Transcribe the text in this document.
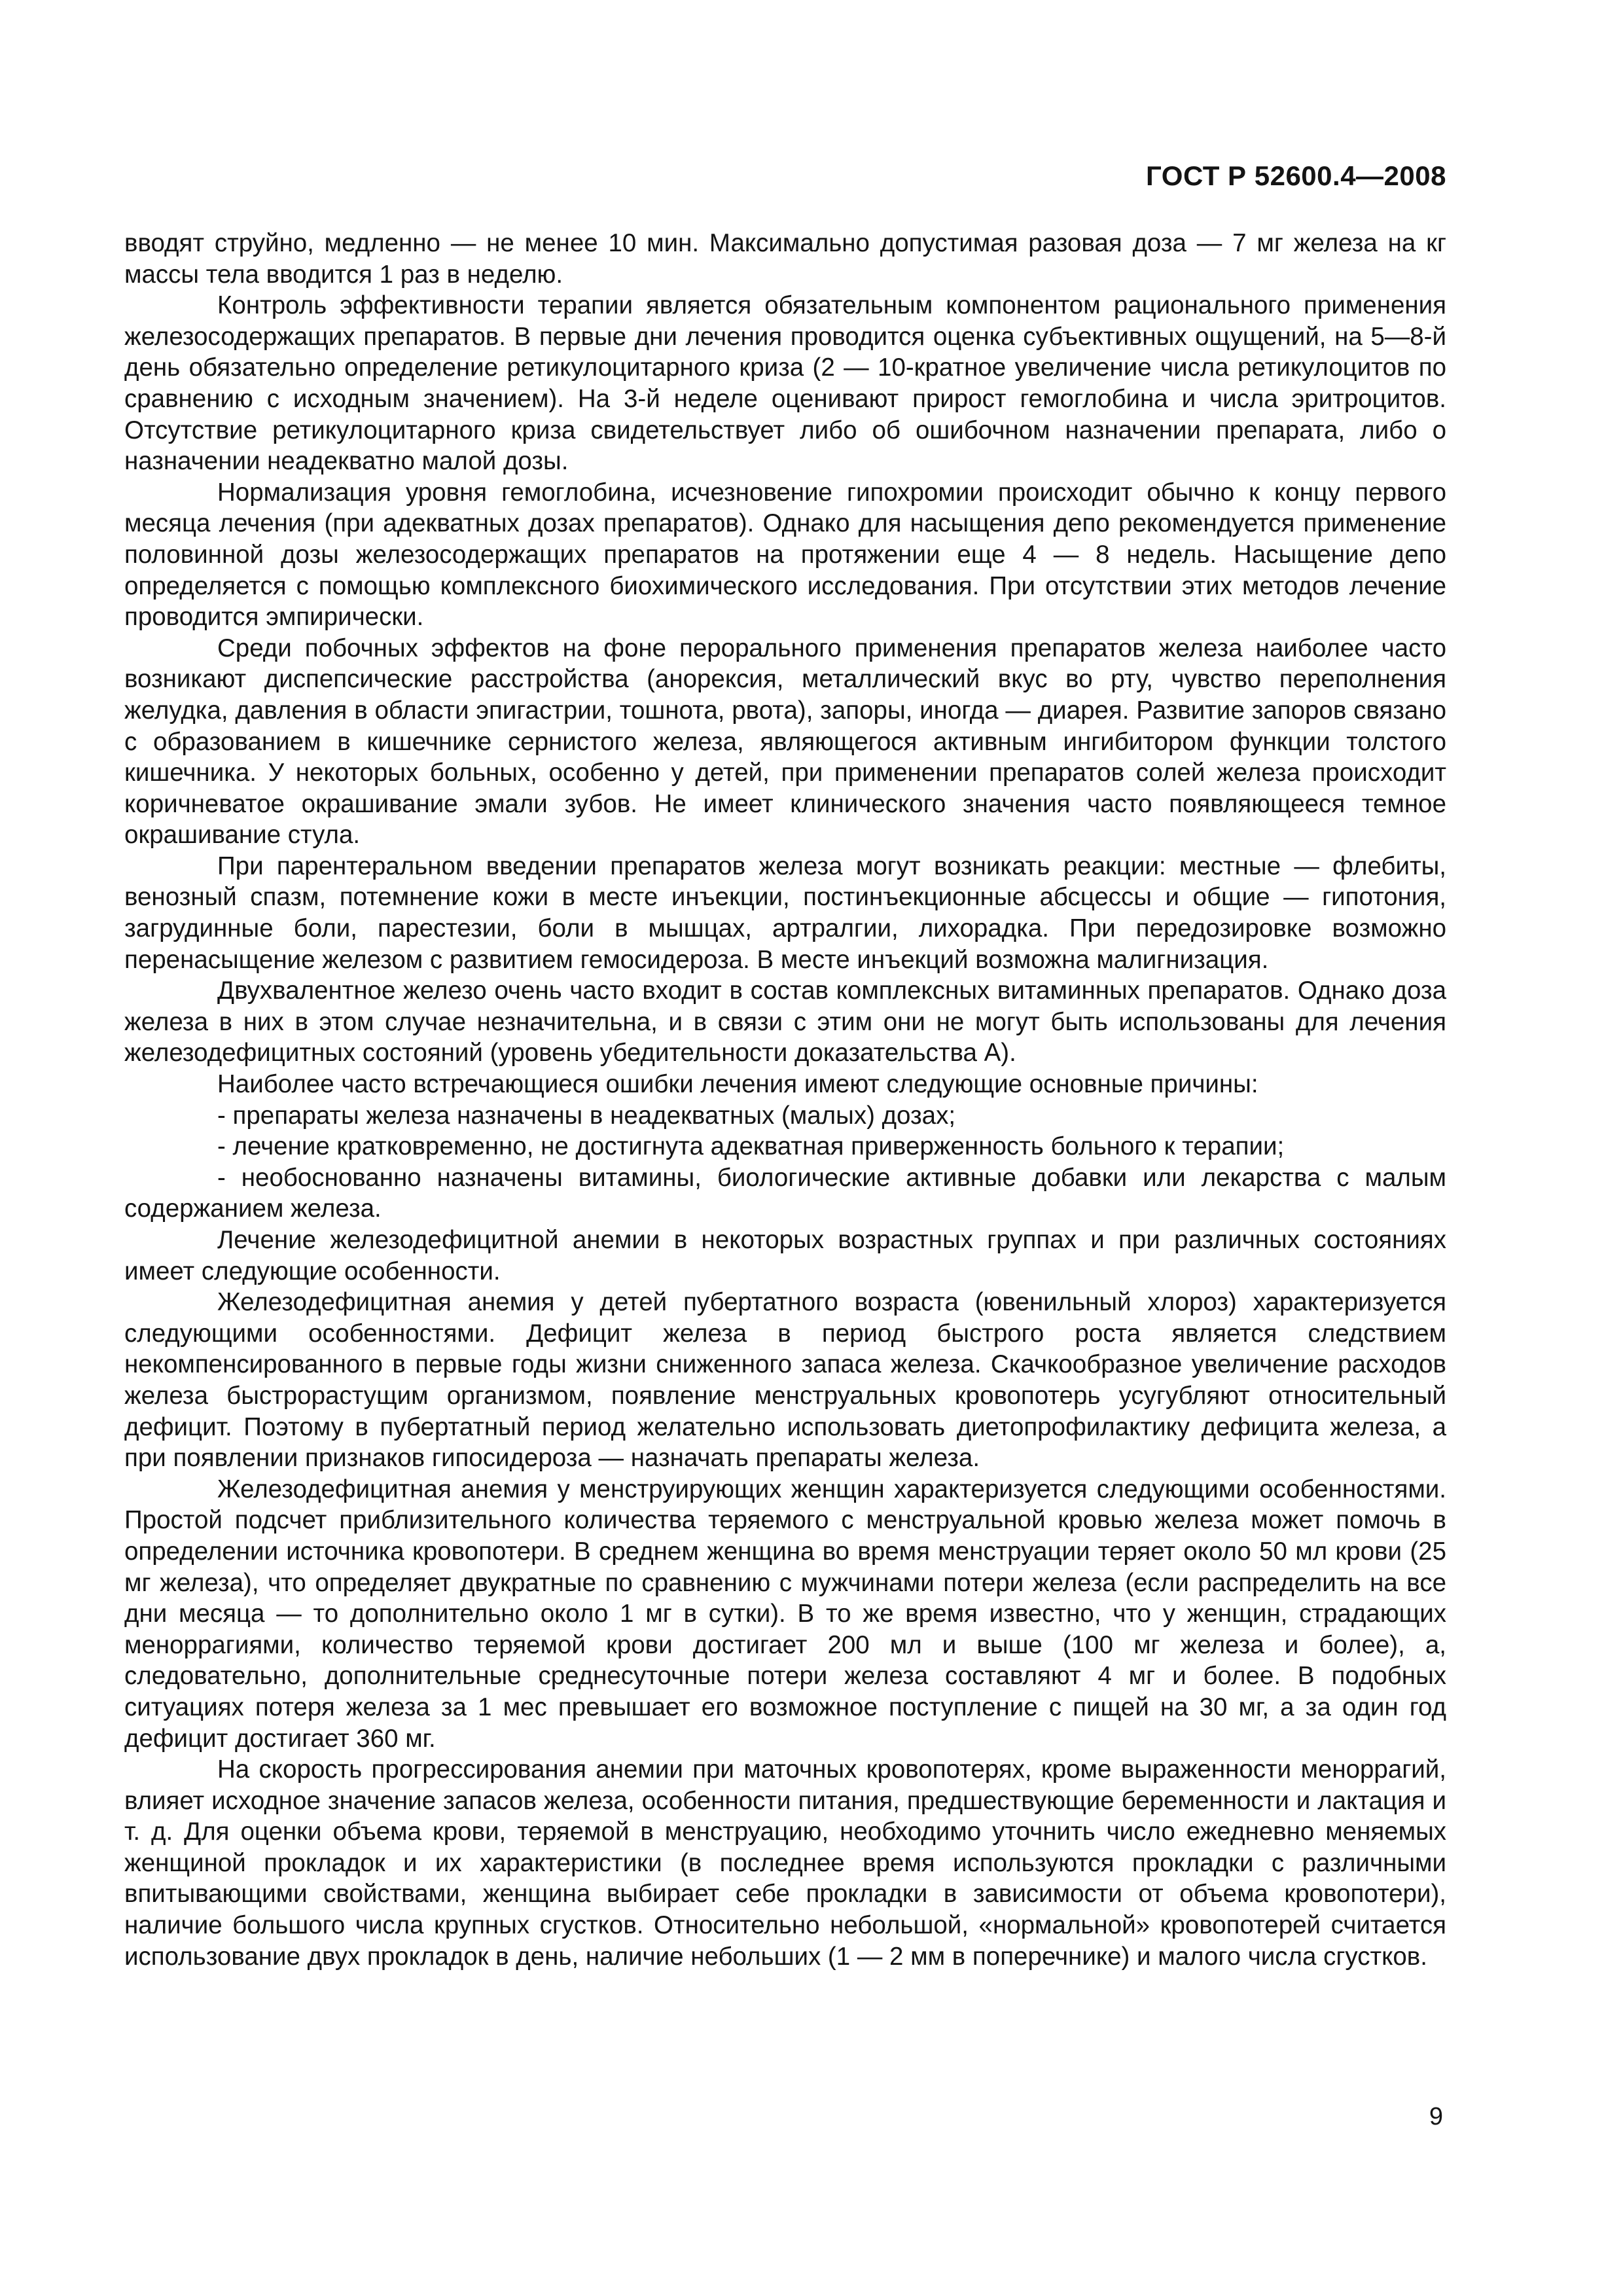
ГОСТ Р 52600.4—2008

вводят струйно, медленно — не менее 10 мин. Максимально допустимая разовая доза — 7 мг железа на кг массы тела вводится 1 раз в неделю.

Контроль эффективности терапии является обязательным компонентом рационального применения железосодержащих препаратов. В первые дни лечения проводится оценка субъективных ощущений, на 5—8-й день обязательно определение ретикулоцитарного криза (2 — 10-кратное увеличение числа ретикулоцитов по сравнению с исходным значением). На 3-й неделе оценивают прирост гемоглобина и числа эритроцитов. Отсутствие ретикулоцитарного криза свидетельствует либо об ошибочном назначении препарата, либо о назначении неадекватно малой дозы.

Нормализация уровня гемоглобина, исчезновение гипохромии происходит обычно к концу первого месяца лечения (при адекватных дозах препаратов). Однако для насыщения депо рекомендуется применение половинной дозы железосодержащих препаратов на протяжении еще 4 — 8 недель. Насыщение депо определяется с помощью комплексного биохимического исследования. При отсутствии этих методов лечение проводится эмпирически.

Среди побочных эффектов на фоне перорального применения препаратов железа наиболее часто возникают диспепсические расстройства (анорексия, металлический вкус во рту, чувство переполнения желудка, давления в области эпигастрии, тошнота, рвота), запоры, иногда — диарея. Развитие запоров связано с образованием в кишечнике сернистого железа, являющегося активным ингибитором функции толстого кишечника. У некоторых больных, особенно у детей, при применении препаратов солей железа происходит коричневатое окрашивание эмали зубов. Не имеет клинического значения часто появляющееся темное окрашивание стула.

При парентеральном введении препаратов железа могут возникать реакции: местные — флебиты, венозный спазм, потемнение кожи в месте инъекции, постинъекционные абсцессы и общие — гипотония, загрудинные боли, парестезии, боли в мышцах, артралгии, лихорадка. При передозировке возможно перенасыщение железом с развитием гемосидероза. В месте инъекций возможна малигнизация.

Двухвалентное железо очень часто входит в состав комплексных витаминных препаратов. Однако доза железа в них в этом случае незначительна, и в связи с этим они не могут быть использованы для лечения железодефицитных состояний (уровень убедительности доказательства А).

Наиболее часто встречающиеся ошибки лечения имеют следующие основные причины:

- препараты железа назначены в неадекватных (малых) дозах;

- лечение кратковременно, не достигнута адекватная приверженность больного к терапии;

- необоснованно назначены витамины, биологические активные добавки или лекарства с малым содержанием железа.

Лечение железодефицитной анемии в некоторых возрастных группах и при различных состояниях имеет следующие особенности.

Железодефицитная анемия у детей пубертатного возраста (ювенильный хлороз) характеризуется следующими особенностями. Дефицит железа в период быстрого роста является следствием некомпенсированного в первые годы жизни сниженного запаса железа. Скачкообразное увеличение расходов железа быстрорастущим организмом, появление менструальных кровопотерь усугубляют относительный дефицит. Поэтому в пубертатный период желательно использовать диетопрофилактику дефицита железа, а при появлении признаков гипосидероза — назначать препараты железа.

Железодефицитная анемия у менструирующих женщин характеризуется следующими особенностями. Простой подсчет приблизительного количества теряемого с менструальной кровью железа может помочь в определении источника кровопотери. В среднем женщина во время менструации теряет около 50 мл крови (25 мг железа), что определяет двукратные по сравнению с мужчинами потери железа (если распределить на все дни месяца — то дополнительно около 1 мг в сутки). В то же время известно, что у женщин, страдающих меноррагиями, количество теряемой крови достигает 200 мл и выше (100 мг железа и более), а, следовательно, дополнительные среднесуточные потери железа составляют 4 мг и более. В подобных ситуациях потеря железа за 1 мес превышает его возможное поступление с пищей на 30 мг, а за один год дефицит достигает 360 мг.

На скорость прогрессирования анемии при маточных кровопотерях, кроме выраженности меноррагий, влияет исходное значение запасов железа, особенности питания, предшествующие беременности и лактация и т. д. Для оценки объема крови, теряемой в менструацию, необходимо уточнить число ежедневно меняемых женщиной прокладок и их характеристики (в последнее время используются прокладки с различными впитывающими свойствами, женщина выбирает себе прокладки в зависимости от объема кровопотери), наличие большого числа крупных сгустков. Относительно небольшой, «нормальной» кровопотерей считается использование двух прокладок в день, наличие небольших (1 — 2 мм в поперечнике) и малого числа сгустков.

9
